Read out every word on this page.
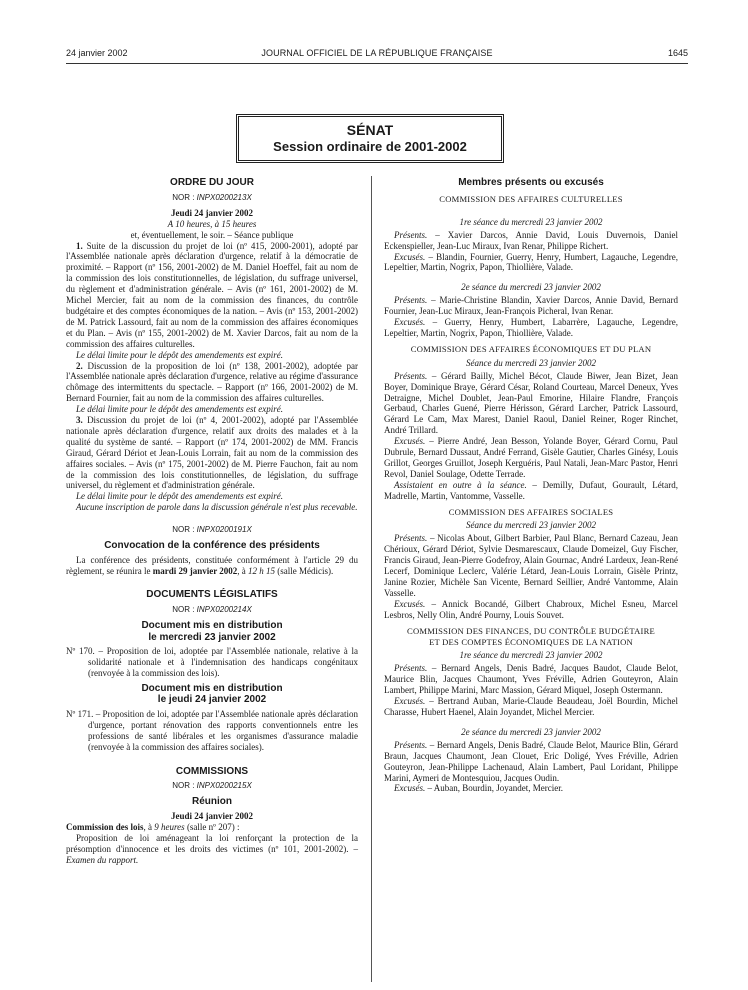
24 janvier 2002	JOURNAL OFFICIEL DE LA RÉPUBLIQUE FRANÇAISE	1645
SÉNAT
Session ordinaire de 2001-2002
ORDRE DU JOUR
NOR : INPX0200213X

Jeudi 24 janvier 2002

A 10 heures, à 15 heures

et, éventuellement, le soir. – Séance publique

1. Suite de la discussion du projet de loi (nº 415, 2000-2001), adopté par l'Assemblée nationale après déclaration d'urgence, relatif à la démocratie de proximité. – Rapport (nº 156, 2001-2002) de M. Daniel Hoeffel, fait au nom de la commission des lois constitutionnelles, de législation, du suffrage universel, du règlement et d'administration générale. – Avis (nº 161, 2001-2002) de M. Michel Mercier, fait au nom de la commission des finances, du contrôle budgétaire et des comptes économiques de la nation. – Avis (nº 153, 2001-2002) de M. Patrick Lassourd, fait au nom de la commission des affaires économiques et du Plan. – Avis (nº 155, 2001-2002) de M. Xavier Darcos, fait au nom de la commission des affaires culturelles.

Le délai limite pour le dépôt des amendements est expiré.

2. Discussion de la proposition de loi (nº 138, 2001-2002), adoptée par l'Assemblée nationale après déclaration d'urgence, relative au régime d'assurance chômage des intermittents du spectacle. – Rapport (nº 166, 2001-2002) de M. Bernard Fournier, fait au nom de la commission des affaires culturelles.

Le délai limite pour le dépôt des amendements est expiré.

3. Discussion du projet de loi (nº 4, 2001-2002), adopté par l'Assemblée nationale après déclaration d'urgence, relatif aux droits des malades et à la qualité du système de santé. – Rapport (nº 174, 2001-2002) de MM. Francis Giraud, Gérard Dériot et Jean-Louis Lorrain, fait au nom de la commission des affaires sociales. – Avis (nº 175, 2001-2002) de M. Pierre Fauchon, fait au nom de la commission des lois constitutionnelles, de législation, du suffrage universel, du règlement et d'administration générale.

Le délai limite pour le dépôt des amendements est expiré.

Aucune inscription de parole dans la discussion générale n'est plus recevable.

NOR : INPX0200191X
Convocation de la conférence des présidents

La conférence des présidents, constituée conformément à l'article 29 du règlement, se réunira le mardi 29 janvier 2002, à 12 h 15 (salle Médicis).

DOCUMENTS LÉGISLATIFS
NOR : INPX0200214X
Document mis en distribution
le mercredi 23 janvier 2002

Nº 170. – Proposition de loi, adoptée par l'Assemblée nationale, relative à la solidarité nationale et à l'indemnisation des handicaps congénitaux (renvoyée à la commission des lois).

Document mis en distribution
le jeudi 24 janvier 2002

Nº 171. – Proposition de loi, adoptée par l'Assemblée nationale après déclaration d'urgence, portant rénovation des rapports conventionnels entre les professions de santé libérales et les organismes d'assurance maladie (renvoyée à la commission des affaires sociales).

COMMISSIONS
NOR : INPX0200215X
Réunion

Jeudi 24 janvier 2002

Commission des lois, à 9 heures (salle nº 207) :

Proposition de loi aménageant la loi renforçant la protection de la présomption d'innocence et les droits des victimes (nº 101, 2001-2002). – Examen du rapport.

Membres présents ou excusés
COMMISSION DES AFFAIRES CULTURELLES
1re séance du mercredi 23 janvier 2002

Présents. – Xavier Darcos, Annie David, Louis Duvernois, Daniel Eckenspieller, Jean-Luc Miraux, Ivan Renar, Philippe Richert.

Excusés. – Blandin, Fournier, Guerry, Henry, Humbert, Lagauche, Legendre, Lepeltier, Martin, Nogrix, Papon, Thiollière, Valade.

2e séance du mercredi 23 janvier 2002

Présents. – Marie-Christine Blandin, Xavier Darcos, Annie David, Bernard Fournier, Jean-Luc Miraux, Jean-François Picheral, Ivan Renar.

Excusés. – Guerry, Henry, Humbert, Labarrère, Lagauche, Legendre, Lepeltier, Martin, Nogrix, Papon, Thiollière, Valade.

COMMISSION DES AFFAIRES ÉCONOMIQUES ET DU PLAN
Séance du mercredi 23 janvier 2002

Présents. – Gérard Bailly, Michel Bécot, Claude Biwer, Jean Bizet, Jean Boyer, Dominique Braye, Gérard César, Roland Courteau, Marcel Deneux, Yves Detraigne, Michel Doublet, Jean-Paul Emorine, Hilaire Flandre, François Gerbaud, Charles Guené, Pierre Hérisson, Gérard Larcher, Patrick Lassourd, Gérard Le Cam, Max Marest, Daniel Raoul, Daniel Reiner, Roger Rinchet, André Trillard.

Excusés. – Pierre André, Jean Besson, Yolande Boyer, Gérard Cornu, Paul Dubrule, Bernard Dussaut, André Ferrand, Gisèle Gautier, Charles Ginésy, Louis Grillot, Georges Gruillot, Joseph Kerguéris, Paul Natali, Jean-Marc Pastor, Henri Revol, Daniel Soulage, Odette Terrade.

Assistaient en outre à la séance. – Demilly, Dufaut, Gourault, Létard, Madrelle, Martin, Vantomme, Vasselle.

COMMISSION DES AFFAIRES SOCIALES
Séance du mercredi 23 janvier 2002

Présents. – Nicolas About, Gilbert Barbier, Paul Blanc, Bernard Cazeau, Jean Chérioux, Gérard Dériot, Sylvie Desmarescaux, Claude Domeizel, Guy Fischer, Francis Giraud, Jean-Pierre Godefroy, Alain Gournac, André Lardeux, Jean-René Lecerf, Dominique Leclerc, Valérie Létard, Jean-Louis Lorrain, Gisèle Printz, Janine Rozier, Michèle San Vicente, Bernard Seillier, André Vantomme, Alain Vasselle.

Excusés. – Annick Bocandé, Gilbert Chabroux, Michel Esneu, Marcel Lesbros, Nelly Olin, André Pourny, Louis Souvet.

COMMISSION DES FINANCES, DU CONTRÔLE BUDGÉTAIRE
ET DES COMPTES ÉCONOMIQUES DE LA NATION
1re séance du mercredi 23 janvier 2002

Présents. – Bernard Angels, Denis Badré, Jacques Baudot, Claude Belot, Maurice Blin, Jacques Chaumont, Yves Fréville, Adrien Gouteyron, Alain Lambert, Philippe Marini, Marc Massion, Gérard Miquel, Joseph Ostermann.

Excusés. – Bertrand Auban, Marie-Claude Beaudeau, Joël Bourdin, Michel Charasse, Hubert Haenel, Alain Joyandet, Michel Mercier.

2e séance du mercredi 23 janvier 2002

Présents. – Bernard Angels, Denis Badré, Claude Belot, Maurice Blin, Gérard Braun, Jacques Chaumont, Jean Clouet, Eric Doligé, Yves Fréville, Adrien Gouteyron, Jean-Philippe Lachenaud, Alain Lambert, Paul Loridant, Philippe Marini, Aymeri de Montesquiou, Jacques Oudin.

Excusés. – Auban, Bourdin, Joyandet, Mercier.
